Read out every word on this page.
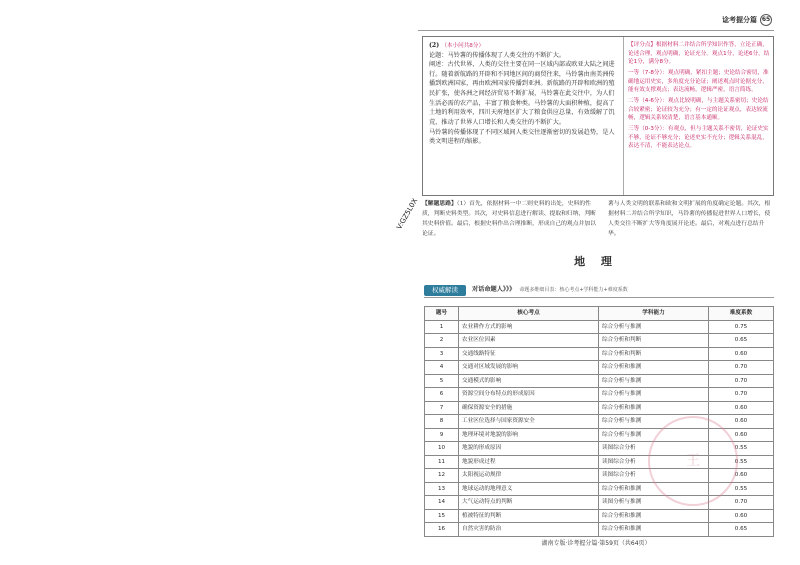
V:GZ5L0X
谂考握分篇 65
(2) （本小问共8分）

论题：马铃薯的传播体现了人类交往的不断扩大。

阐述：古代世界，人类的交往主要在同一区域内部或欧亚大陆之间进行。随着新航路的开辟和不同地区间的商贸往来，马铃薯由南美洲传播到欧洲国家，再由欧洲国家传播到亚洲。新航路的开辟和欧洲的殖民扩张，使各洲之间经济贸易不断扩展，马铃薯在此交往中，为人们生活必需的农产品，丰富了粮食种类。马铃薯的大面积种植，提高了土地的利用效率，四川天府地区扩大了粮食供应总量，有效缓解了饥荒，推动了世界人口增长和人类交往的不断扩大。

马铃薯的传播体现了不同区域间人类交往逐渐密切的发展趋势，是人类文明进程的缩影。

【评分点】根据材料二并结合所学知识作答，立论正确，论述合理，观点明确，论证充分。观点1分，论述6分，结论1分，满分8分。

一等（7-8分）：观点明确，紧扣主题；史论结合密切，准确地运用史实，多角度充分论证；阐述观点时论据充分，能有效支撑观点；表达流畅，逻辑严密，语言简练。

二等（4-6分）：观点比较明确，与主题关系密切；史论结合较紧密；论证较为充分；有一定的论证观点，表达较流畅，逻辑关系较清楚，语言基本通顺。

三等（0-3分）：有观点，但与主题关系不密切，论证史实不够，论证不够充分；论述史实不充分；逻辑关系混乱，表达不清，不能表达论点。

【解题思路】（1）首先，依据材料一中二则史料的出处，史料的性质，判断史料类型。其次，对史料信息进行解读、提取和归纳，判断其史料价值。最后，根据史料作出合理推断，形成自己的观点并加以论证。
薯与人类文明的联系和欧和文明扩展的角度确定论题。其次，根据材料二并结合所学知识，马铃薯的传播促进世界人口增长，使人类交往不断扩大等角度展开论述。最后，对观点进行总结升华。
地 理
权威解读	对话命题人》》》 命题多维细目表：核心考点+学科能力+难度系数
题号	核心考点	学科能力	难度系数
1	农业耕作方式的影响	综合分析与推测	0.75
2	农业区位因素	综合分析和判断	0.65
3	交通线路特征	综合分析和判断	0.60
4	交通对区域发展的影响	综合分析和推测	0.70
5	交通模式的影响	综合分析与推测	0.70
6	资源空间分布特点的形成原因	综合分析与推测	0.70
7	确保资源安全的措施	综合分析和推测	0.60
8	工业区位选择与国家资源安全	综合分析与推测	0.60
9	地理环境对地貌的影响	综合分析与推测	0.60
10	地貌的形成原因	读图综合分析	0.55
11	地貌形成过程	读图综合分析	0.55
12	太阳视运动规律	读图综合分析	0.60
13	地球运动的地理意义	综合分析和推测	0.55
14	大气运动特点的判断	读图分析与推测	0.70
15	植被特征的判断	综合分析和推测	0.60
16	自然灾害的防治	综合分析和推测	0.65
王
湖南专版·诊考握分篇·第59页（共64页）
